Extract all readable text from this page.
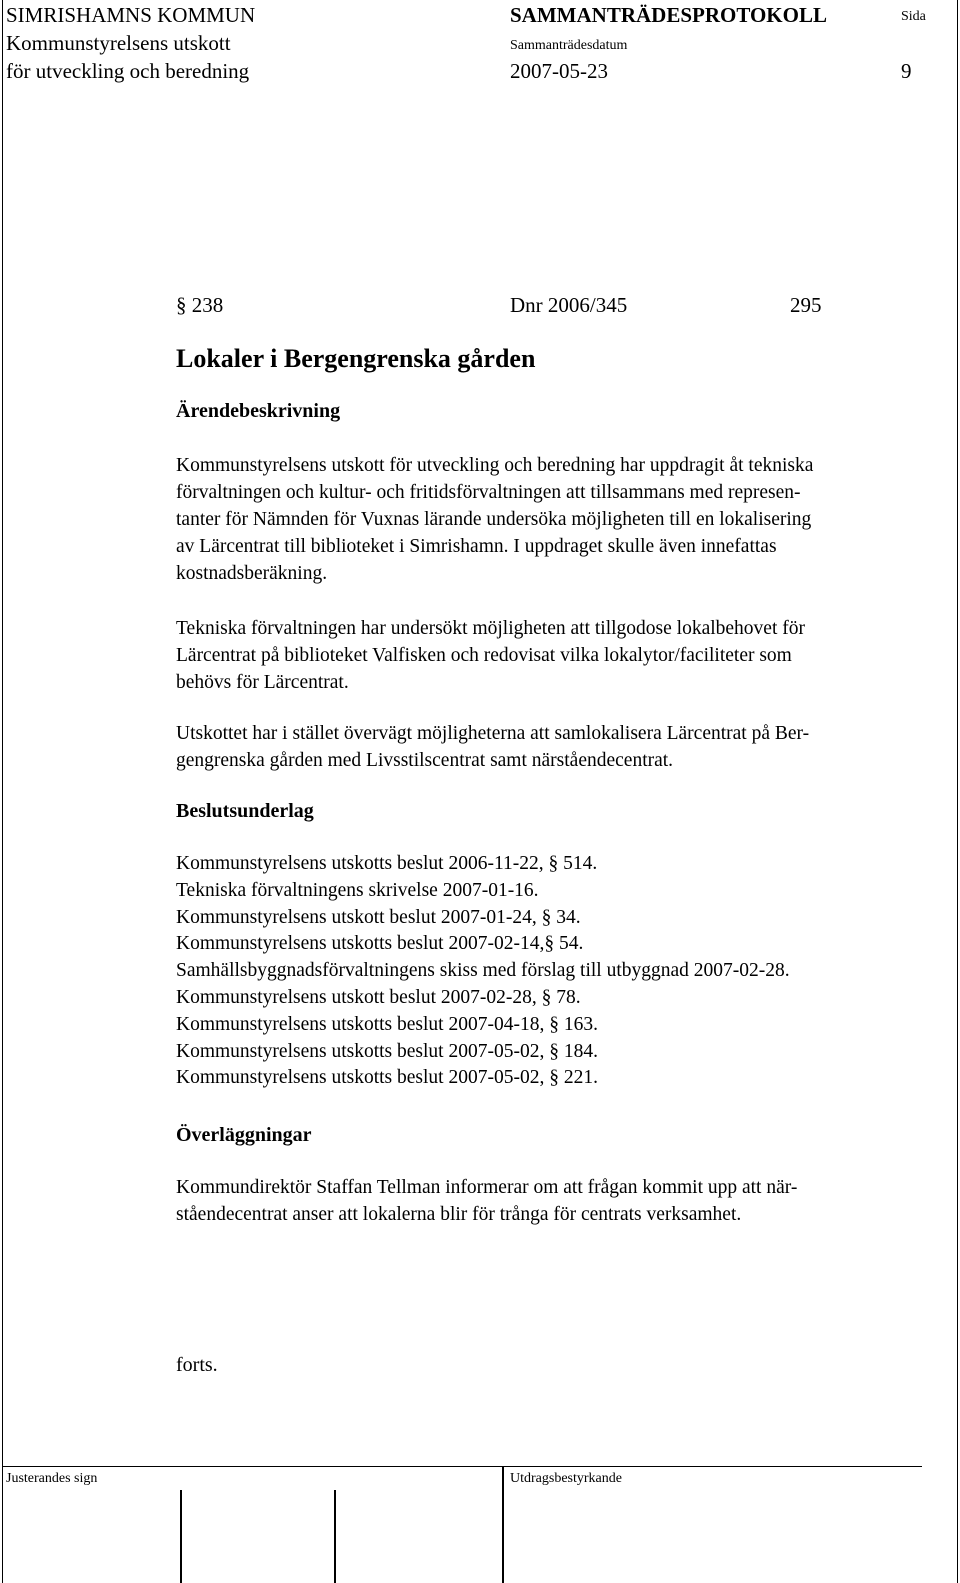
SIMRISHAMNS KOMMUN
Kommunstyrelsens utskott
för utveckling och beredning
SAMMANTRÄDESPROTOKOLL
Sammanträdesdatum
2007-05-23
Sida
9
§ 238	Dnr 2006/345	295
Lokaler i Bergengrenska gården
Ärendebeskrivning
Kommunstyrelsens utskott för utveckling och beredning har uppdragit åt tekniska
förvaltningen och kultur- och fritidsförvaltningen att tillsammans med represen-
tanter för Nämnden för Vuxnas lärande undersöka möjligheten till en lokalisering
av Lärcentrat till biblioteket i Simrishamn. I uppdraget skulle även innefattas
kostnadsberäkning.
Tekniska förvaltningen har undersökt möjligheten att tillgodose lokalbehovet för
Lärcentrat på biblioteket Valfisken och redovisat vilka lokalytor/faciliteter som
behövs för Lärcentrat.
Utskottet har i stället övervägt möjligheterna att samlokalisera Lärcentrat på Ber-
gengrenska gården med Livsstilscentrat samt närståendecentrat.
Beslutsunderlag
Kommunstyrelsens utskotts beslut 2006-11-22, § 514.
Tekniska förvaltningens skrivelse 2007-01-16.
Kommunstyrelsens utskott beslut 2007-01-24, § 34.
Kommunstyrelsens utskotts beslut 2007-02-14,§ 54.
Samhällsbyggnadsförvaltningens skiss med förslag till utbyggnad 2007-02-28.
Kommunstyrelsens utskott beslut 2007-02-28, § 78.
Kommunstyrelsens utskotts beslut 2007-04-18, § 163.
Kommunstyrelsens utskotts beslut 2007-05-02, § 184.
Kommunstyrelsens utskotts beslut 2007-05-02, § 221.
Överläggningar
Kommundirektör Staffan Tellman informerar om att frågan kommit upp att när-
ståendecentrat anser att lokalerna blir för trånga för centrats verksamhet.
forts.
Justerandes sign	Utdragsbestyrkande
